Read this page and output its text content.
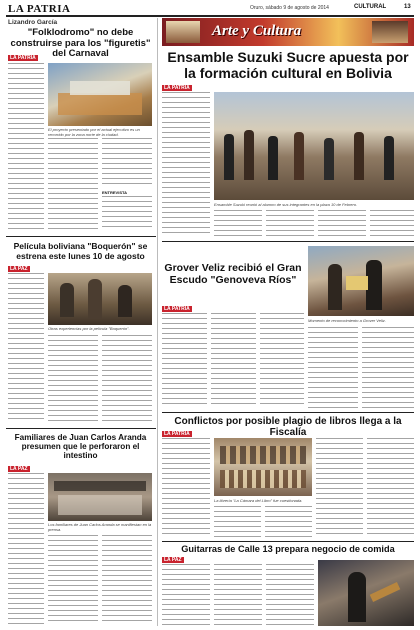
LA PATRIA	Oruro, sábado 9 de agosto de 2014	CULTURAL	13
Lizandro García
"Folklodromo" no debe construirse para los "figuretis" del Carnaval
LA PATRIA
El proyecto presentado por el actual ejecutivo es un recorrido por la zona norte de la ciudad.
ENTREVISTA
Película boliviana "Boquerón" se estrena este lunes 10 de agosto
LA PAZ
Otras experiencias por la película "Boquerón".
Familiares de Juan Carlos Aranda presumen que le perforaron el intestino
LA PAZ
Los familiares de Juan Carlos Aranda se manifiestan en la prensa.
Arte y Cultura
Ensamble Suzuki Sucre apuesta por la formación cultural en Bolivia
LA PATRIA
Ensamble Suzuki reunió al alumno de sus integrantes en la plaza 10 de Febrero.
Grover Veliz recibió el Gran Escudo "Genoveva Ríos"
LA PATRIA
Momento de reconocimiento a Grover Veliz.
Conflictos por posible plagio de libros llega a la Fiscalía
LA PATRIA
La librería "La Cámara del Libro" fue cuestionada.
Guitarras de Calle 13 prepara negocio de comida
LA PAZ
